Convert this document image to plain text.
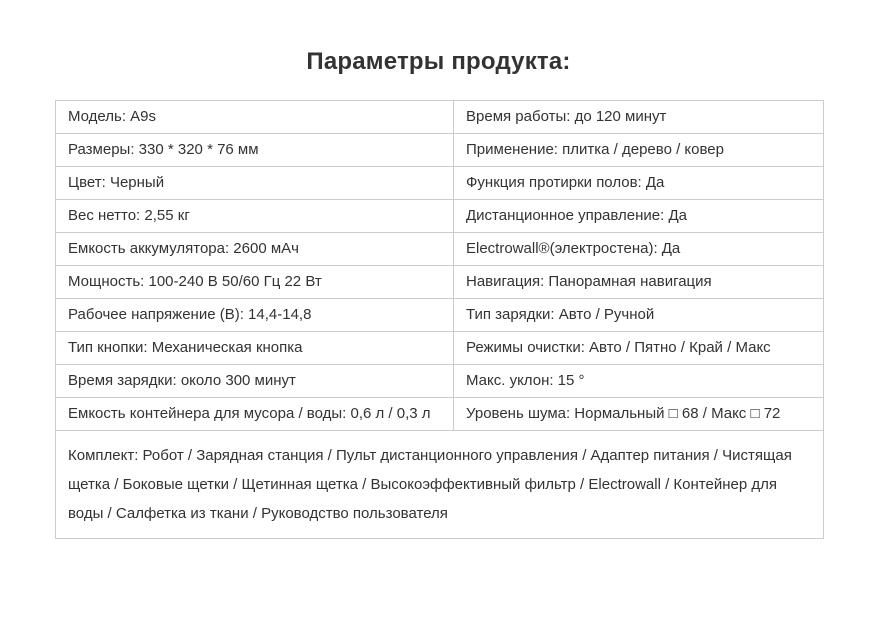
Параметры продукта:
Модель: A9s	Время работы: до 120 минут
Размеры: 330 * 320 * 76 мм	Применение: плитка / дерево / ковер
Цвет: Черный	Функция протирки полов: Да
Вес нетто: 2,55 кг	Дистанционное управление: Да
Емкость аккумулятора: 2600 мАч	Electrowall®(электростена): Да
Мощность: 100-240 В 50/60 Гц 22 Вт	Навигация: Панорамная навигация
Рабочее напряжение (В): 14,4-14,8	Тип зарядки: Авто / Ручной
Тип кнопки: Механическая кнопка	Режимы очистки: Авто / Пятно / Край / Макс
Время зарядки: около 300 минут	Макс. уклон: 15 °
Емкость контейнера для мусора / воды: 0,6 л / 0,3 л	Уровень шума: Нормальный □ 68 / Макс □ 72
Комплект: Робот / Зарядная станция / Пульт дистанционного управления / Адаптер питания / Чистящая щетка / Боковые щетки / Щетинная щетка / Высокоэффективный фильтр / Electrowall / Контейнер для воды / Салфетка из ткани / Руководство пользователя	
